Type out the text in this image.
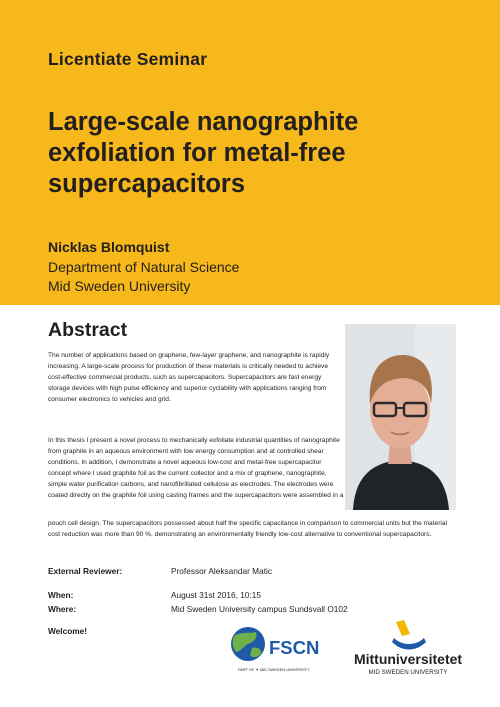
Licentiate Seminar
Large-scale nanographite exfoliation for metal-free supercapacitors
Nicklas Blomquist
Department of Natural Science
Mid Sweden University
Abstract
The number of applications based on graphene, few-layer graphene, and nanographite is rapidly increasing. A large-scale process for production of these materials is critically needed to achieve cost-effective commercial products, such as supercapacitors. Supercapacitors are fast energy storage devices with high pulse efficiency and superior cyclability with applications ranging from consumer electronics to vehicles and grid.
In this thesis I present a novel process to mechanically exfoliate industrial quantities of nanographite from graphite in an aqueous environment with low energy consumption and at controlled shear conditions. In addition, I demonstrate a novel aqueous low-cost and metal-free supercapacitor concept where I used graphite foil as the current collector and a mix of graphene, nanographite, simple water purification carbons, and nanofibrillated cellulose as electrodes. The electrodes were coated directly on the graphite foil using casting frames and the supercapacitors were assembled in a
pouch cell design. The supercapacitors possessed about half the specific capacitance in comparison to commercial units but the material cost reduction was more than 90 %, demonstrating an environmentally friendly low-cost alternative to conventional supercapacitors.
External Reviewer:	Professor Aleksandar Matic
When:	August 31st 2016, 10:15
Where:	Mid Sweden University campus Sundsvall O102
Welcome!
FSCN
PART OF ✦ MID SWEDEN UNIVERSITY
Mittuniversitetet
MID SWEDEN UNIVERSITY
